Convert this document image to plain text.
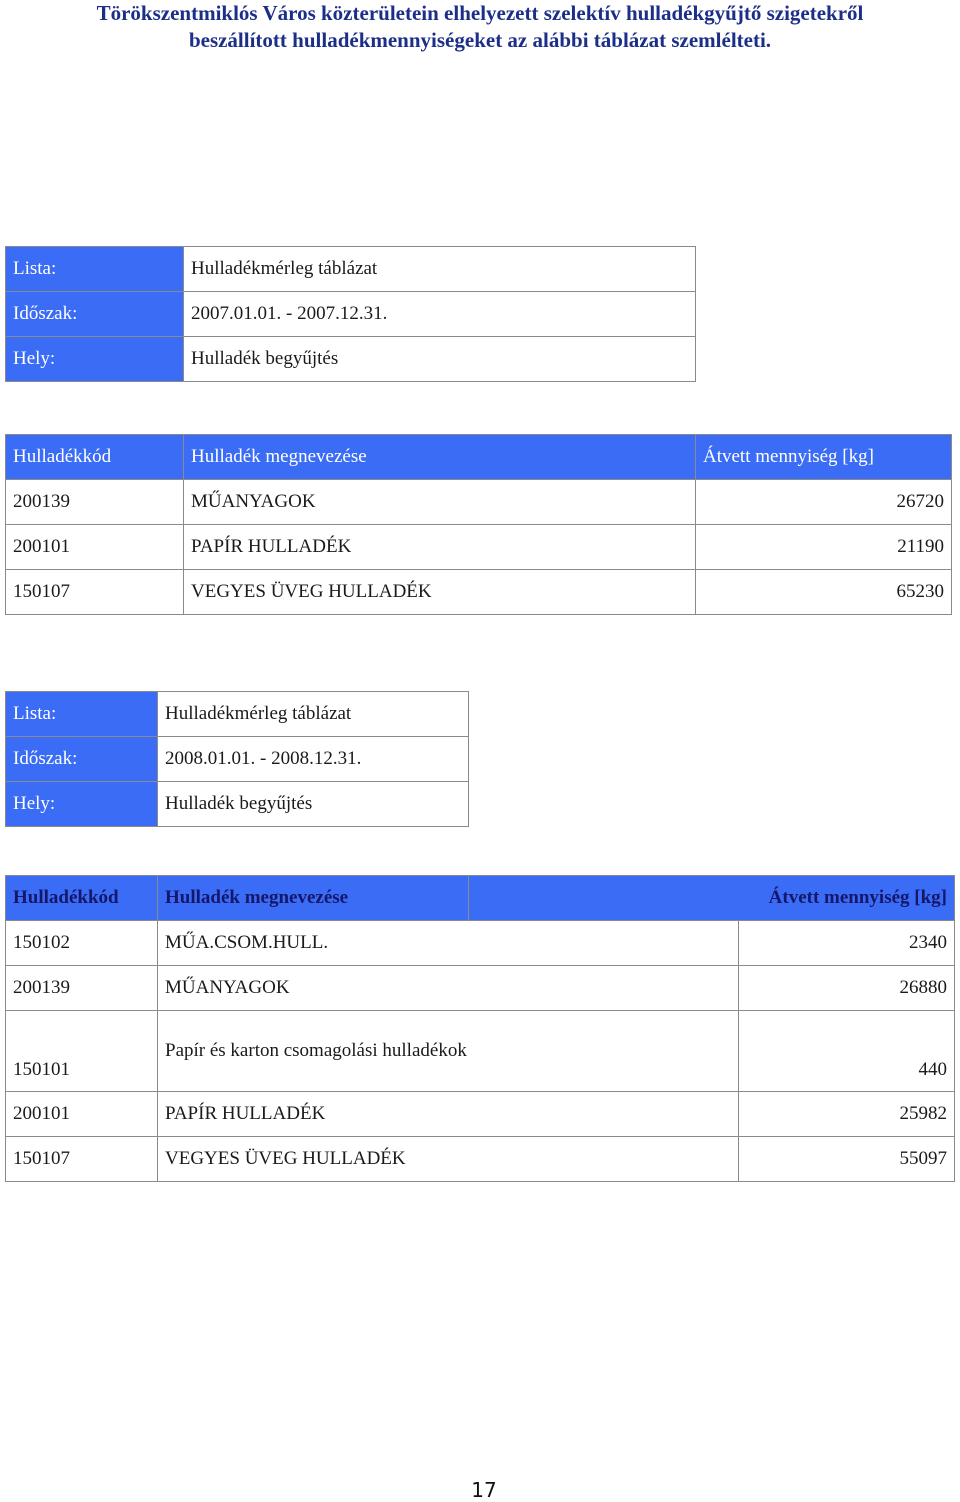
Törökszentmiklós Város közterületein elhelyezett szelektív hulladékgyűjtő szigetekről
beszállított hulladékmennyiségeket az alábbi táblázat szemlélteti.
Lista:	Hulladékmérleg táblázat
Időszak:	2007.01.01. - 2007.12.31.
Hely:	Hulladék begyűjtés
Hulladékkód	Hulladék megnevezése	Átvett mennyiség [kg]
200139	MŰANYAGOK	26720
200101	PAPÍR HULLADÉK	21190
150107	VEGYES ÜVEG HULLADÉK	65230
Lista:	Hulladékmérleg táblázat
Időszak:	2008.01.01. - 2008.12.31.
Hely:	Hulladék begyűjtés
Hulladékkód	Hulladék megnevezése	Átvett mennyiség [kg]	
150102	MŰA.CSOM.HULL.		2340
200139	MŰANYAGOK		26880
150101	Papír és karton csomagolási hulladékok		440
200101	PAPÍR HULLADÉK		25982
150107	VEGYES ÜVEG HULLADÉK		55097
17
